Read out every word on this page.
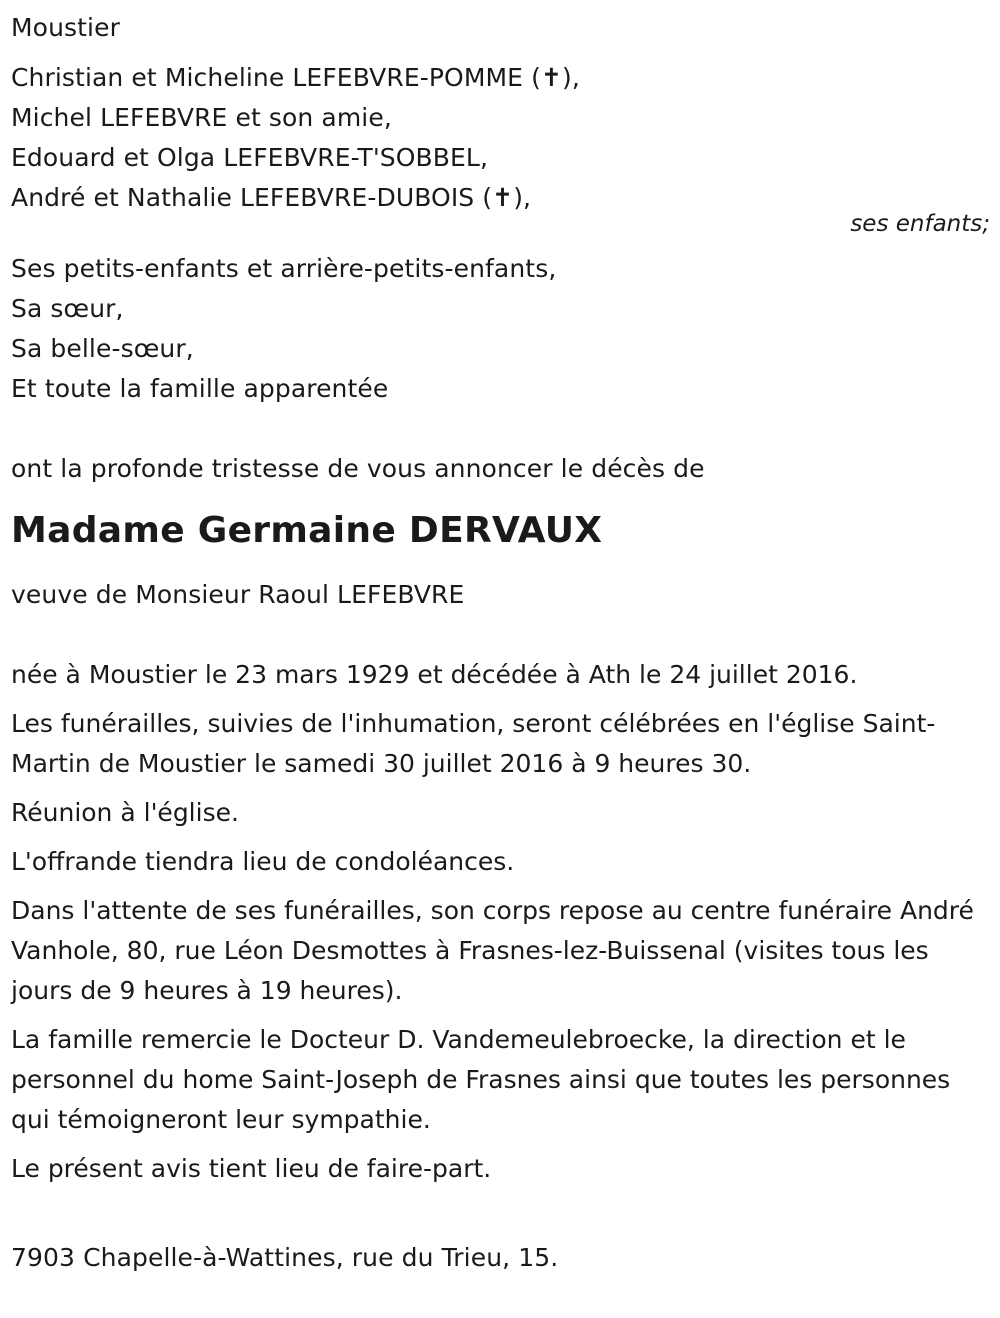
Moustier
Christian et Micheline LEFEBVRE-POMME (✝),
Michel LEFEBVRE et son amie,
Edouard et Olga LEFEBVRE-T'SOBBEL,
André et Nathalie LEFEBVRE-DUBOIS (✝),
ses enfants;
Ses petits-enfants et arrière-petits-enfants,
Sa sœur,
Sa belle-sœur,
Et toute la famille apparentée
ont la profonde tristesse de vous annoncer le décès de
Madame Germaine DERVAUX
veuve de Monsieur Raoul LEFEBVRE
née à Moustier le 23 mars 1929 et décédée à Ath le 24 juillet 2016.
Les funérailles, suivies de l'inhumation, seront célébrées en l'église Saint-Martin de Moustier le samedi 30 juillet 2016 à 9 heures 30.
Réunion à l'église.
L'offrande tiendra lieu de condoléances.
Dans l'attente de ses funérailles, son corps repose au centre funéraire André Vanhole, 80, rue Léon Desmottes à Frasnes-lez-Buissenal (visites tous les jours de 9 heures à 19 heures).
La famille remercie le Docteur D. Vandemeulebroecke, la direction et le personnel du home Saint-Joseph de Frasnes ainsi que toutes les personnes qui témoigneront leur sympathie.
Le présent avis tient lieu de faire-part.
7903 Chapelle-à-Wattines, rue du Trieu, 15.
